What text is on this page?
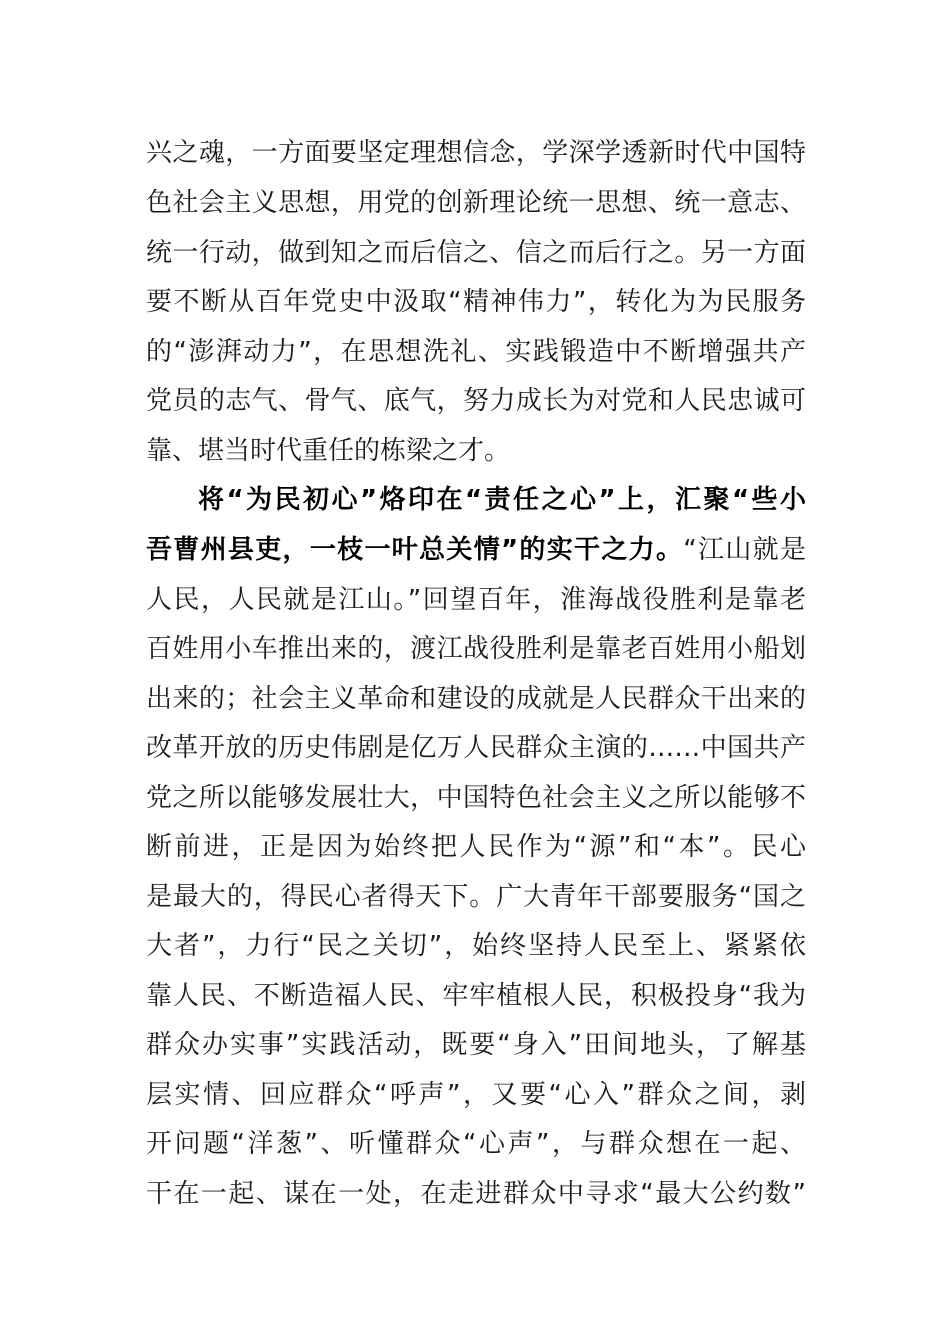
兴之魂，一方面要坚定理想信念，学深学透新时代中国特
色社会主义思想，用党的创新理论统一思想、统一意志、
统一行动，做到知之而后信之、信之而后行之。另一方面
要不断从百年党史中汲取“精神伟力”，转化为为民服务
的“澎湃动力”，在思想洗礼、实践锻造中不断增强共产
党员的志气、骨气、底气，努力成长为对党和人民忠诚可
靠、堪当时代重任的栋梁之才。
将“为民初心”烙印在“责任之心”上，汇聚“些小
吾曹州县吏，一枝一叶总关情”的实干之力。“江山就是
人民，人民就是江山。”回望百年，淮海战役胜利是靠老
百姓用小车推出来的，渡江战役胜利是靠老百姓用小船划
出来的；社会主义革命和建设的成就是人民群众干出来的
改革开放的历史伟剧是亿万人民群众主演的……中国共产
党之所以能够发展壮大，中国特色社会主义之所以能够不
断前进，正是因为始终把人民作为“源”和“本”。民心
是最大的，得民心者得天下。广大青年干部要服务“国之
大者”，力行“民之关切”，始终坚持人民至上、紧紧依
靠人民、不断造福人民、牢牢植根人民，积极投身“我为
群众办实事”实践活动，既要“身入”田间地头，了解基
层实情、回应群众“呼声”，又要“心入”群众之间，剥
开问题“洋葱”、听懂群众“心声”，与群众想在一起、
干在一起、谋在一处，在走进群众中寻求“最大公约数”
